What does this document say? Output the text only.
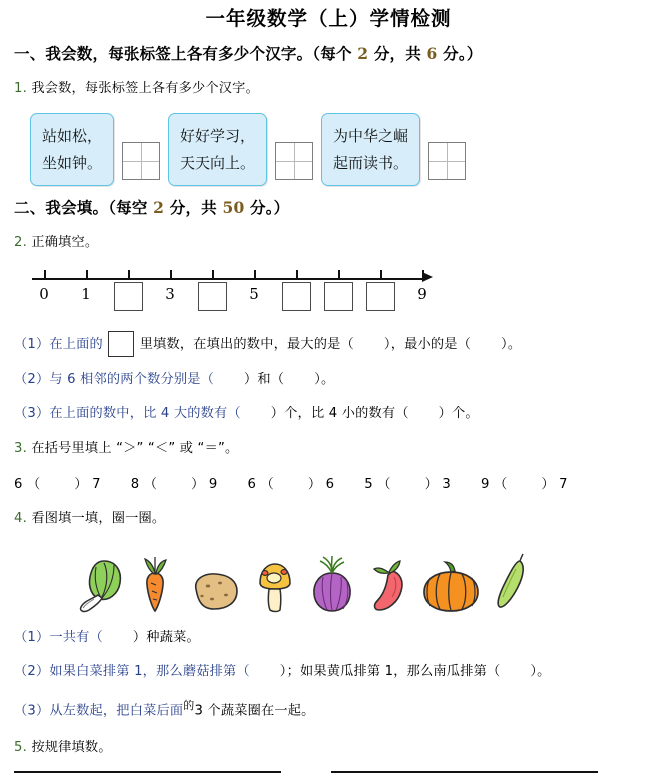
一年级数学（上）学情检测
一、我会数，每张标签上各有多少个汉字。（每个 2 分，共 6 分。）
1. 我会数，每张标签上各有多少个汉字。
站如松，
坐如钟。
好好学习，
天天向上。
为中华之崛
起而读书。
二、我会填。（每空 2 分，共 50 分。）
2. 正确填空。
0	1	3	5	9
（1）在上面的  里填数，在填出的数中，最大的是（ ），最小的是（ ）。
（2）与 6 相邻的两个数分别是（ ）和（ ）。
（3）在上面的数中，比 4 大的数有（ ）个，比 4 小的数有（ ）个。
3. 在括号里填上 “＞” “＜” 或 “＝”。
6 （	） 7 8 （	） 9 6 （	） 6 5 （	） 3 9 （	） 7
4. 看图填一填，圈一圈。
（1）一共有（ ）种蔬菜。
（2）如果白菜排第 1，那么蘑菇排第（ ）；如果黄瓜排第 1，那么南瓜排第（ ）。
（3）从左数起，把白菜后面$^的$3 个蔬菜圈在一起。
5. 按规律填数。
